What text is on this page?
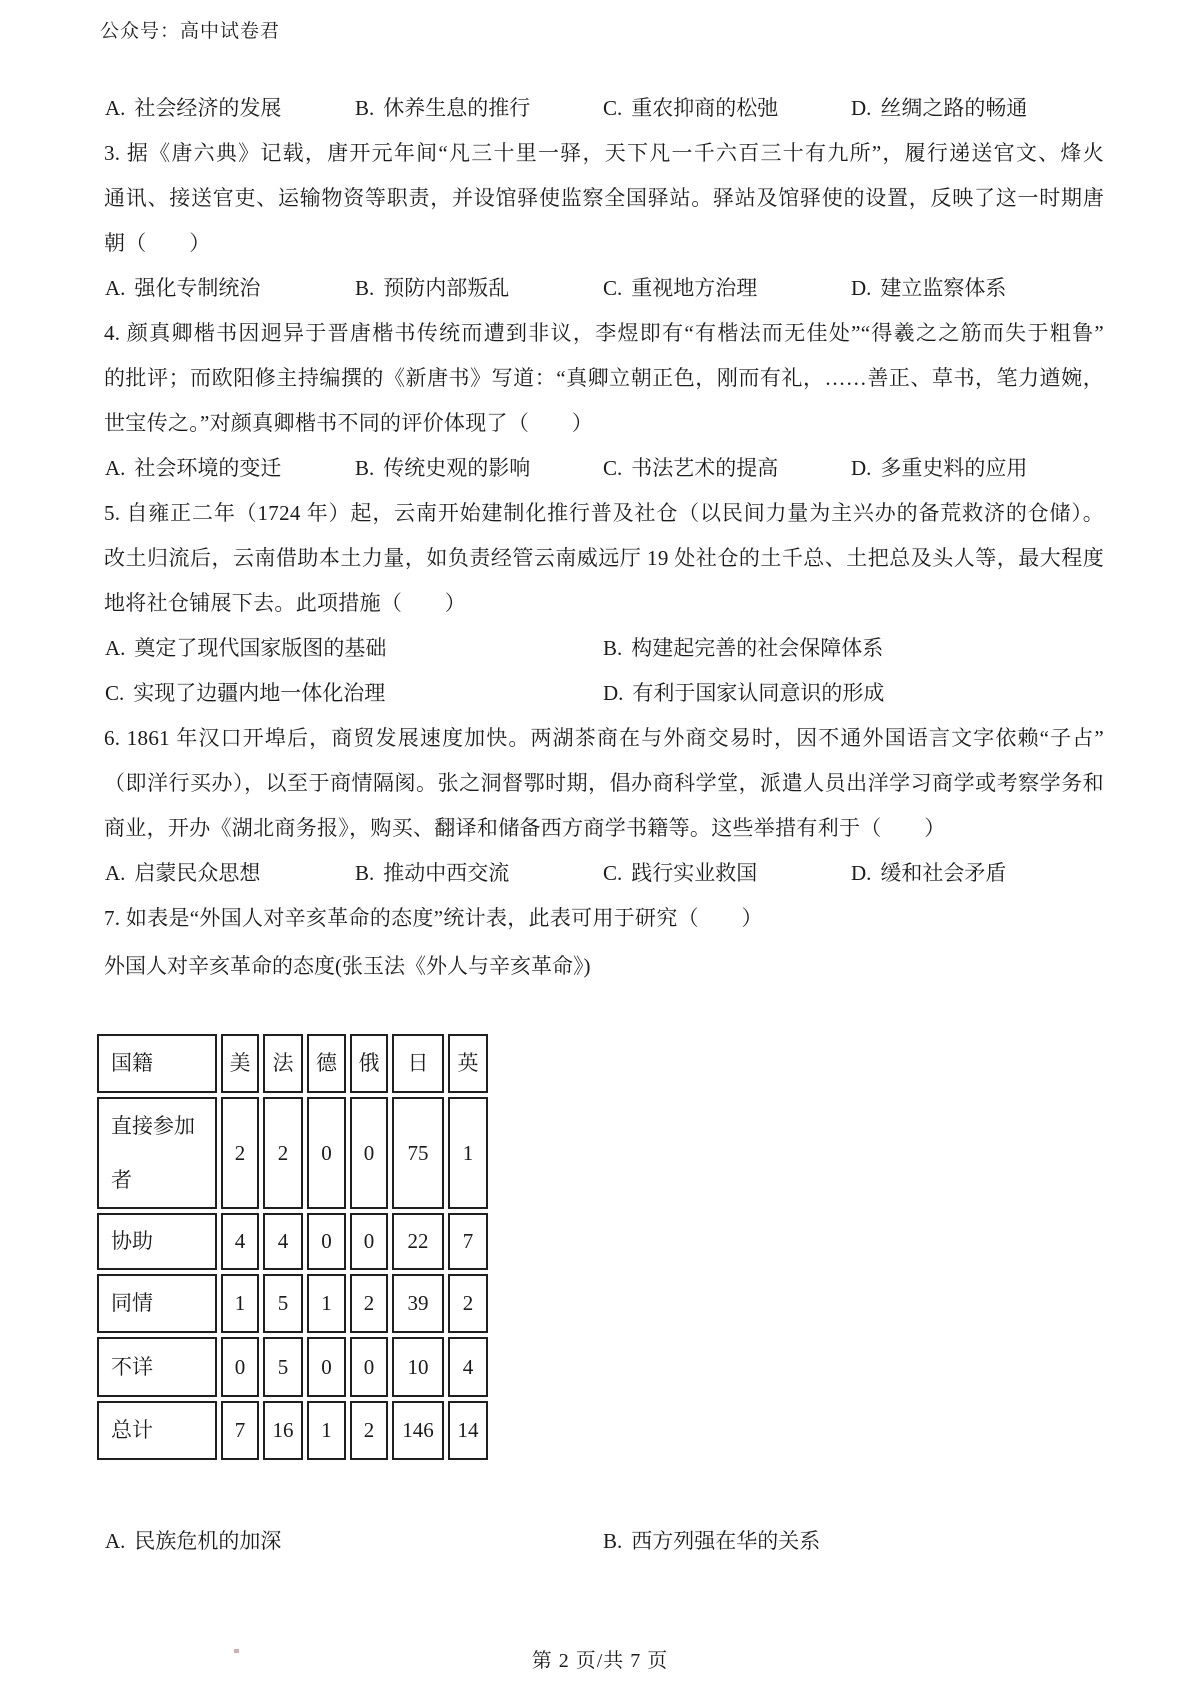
公众号：高中试卷君
A. 社会经济的发展	B. 休养生息的推行	C. 重农抑商的松弛	D. 丝绸之路的畅通
3. 据《唐六典》记载，唐开元年间“凡三十里一驿，天下凡一千六百三十有九所”，履行递送官文、烽火
通讯、接送官吏、运输物资等职责，并设馆驿使监察全国驿站。驿站及馆驿使的设置，反映了这一时期唐
朝（　　）
A. 强化专制统治	B. 预防内部叛乱	C. 重视地方治理	D. 建立监察体系
4. 颜真卿楷书因迥异于晋唐楷书传统而遭到非议，李煜即有“有楷法而无佳处”“得羲之之筋而失于粗鲁”
的批评；而欧阳修主持编撰的《新唐书》写道：“真卿立朝正色，刚而有礼，……善正、草书，笔力遒婉，
世宝传之。”对颜真卿楷书不同的评价体现了（　　）
A. 社会环境的变迁	B. 传统史观的影响	C. 书法艺术的提高	D. 多重史料的应用
5. 自雍正二年（1724 年）起，云南开始建制化推行普及社仓（以民间力量为主兴办的备荒救济的仓储）。
改土归流后，云南借助本土力量，如负责经管云南威远厅 19 处社仓的土千总、土把总及头人等，最大程度
地将社仓铺展下去。此项措施（　　）
A. 奠定了现代国家版图的基础	B. 构建起完善的社会保障体系
C. 实现了边疆内地一体化治理	D. 有利于国家认同意识的形成
6. 1861 年汉口开埠后，商贸发展速度加快。两湖茶商在与外商交易时，因不通外国语言文字依赖“子占”
（即洋行买办），以至于商情隔阂。张之洞督鄂时期，倡办商科学堂，派遣人员出洋学习商学或考察学务和
商业，开办《湖北商务报》，购买、翻译和储备西方商学书籍等。这些举措有利于（　　）
A. 启蒙民众思想	B. 推动中西交流	C. 践行实业救国	D. 缓和社会矛盾
7. 如表是“外国人对辛亥革命的态度”统计表，此表可用于研究（　　）
外国人对辛亥革命的态度(张玉法《外人与辛亥革命》)
国籍	美	法	德	俄	日	英
直接参加者	2	2	0	0	75	1
协助	4	4	0	0	22	7
同情	1	5	1	2	39	2
不详	0	5	0	0	10	4
总计	7	16	1	2	146	14
A. 民族危机的加深	B. 西方列强在华的关系
第 2 页/共 7 页
